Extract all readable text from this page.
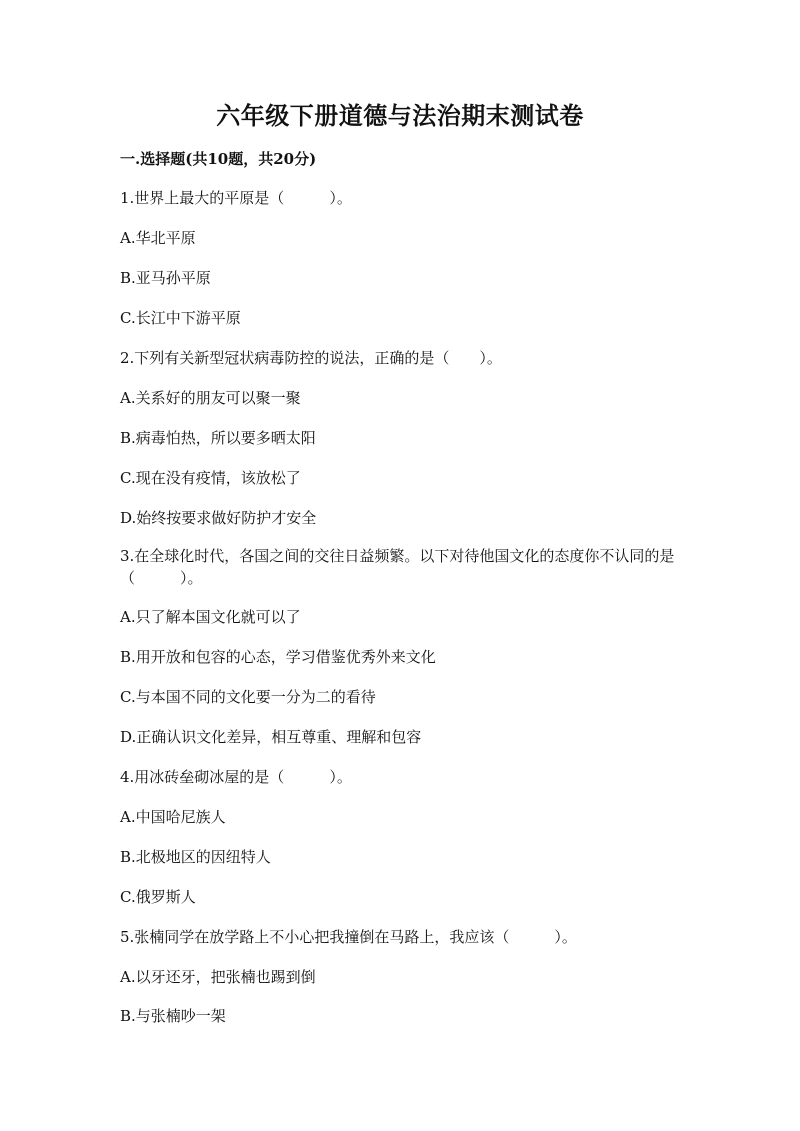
六年级下册道德与法治期末测试卷
一.选择题(共10题，共20分)
1.世界上最大的平原是（　　　）。
A.华北平原
B.亚马孙平原
C.长江中下游平原
2.下列有关新型冠状病毒防控的说法，正确的是（　　）。
A.关系好的朋友可以聚一聚
B.病毒怕热，所以要多晒太阳
C.现在没有疫情，该放松了
D.始终按要求做好防护才安全
3.在全球化时代，各国之间的交往日益频繁。以下对待他国文化的态度你不认同的是（　　　）。
A.只了解本国文化就可以了
B.用开放和包容的心态，学习借鉴优秀外来文化
C.与本国不同的文化要一分为二的看待
D.正确认识文化差异，相互尊重、理解和包容
4.用冰砖垒砌冰屋的是（　　　）。
A.中国哈尼族人
B.北极地区的因纽特人
C.俄罗斯人
5.张楠同学在放学路上不小心把我撞倒在马路上，我应该（　　　）。
A.以牙还牙，把张楠也踢到倒
B.与张楠吵一架
